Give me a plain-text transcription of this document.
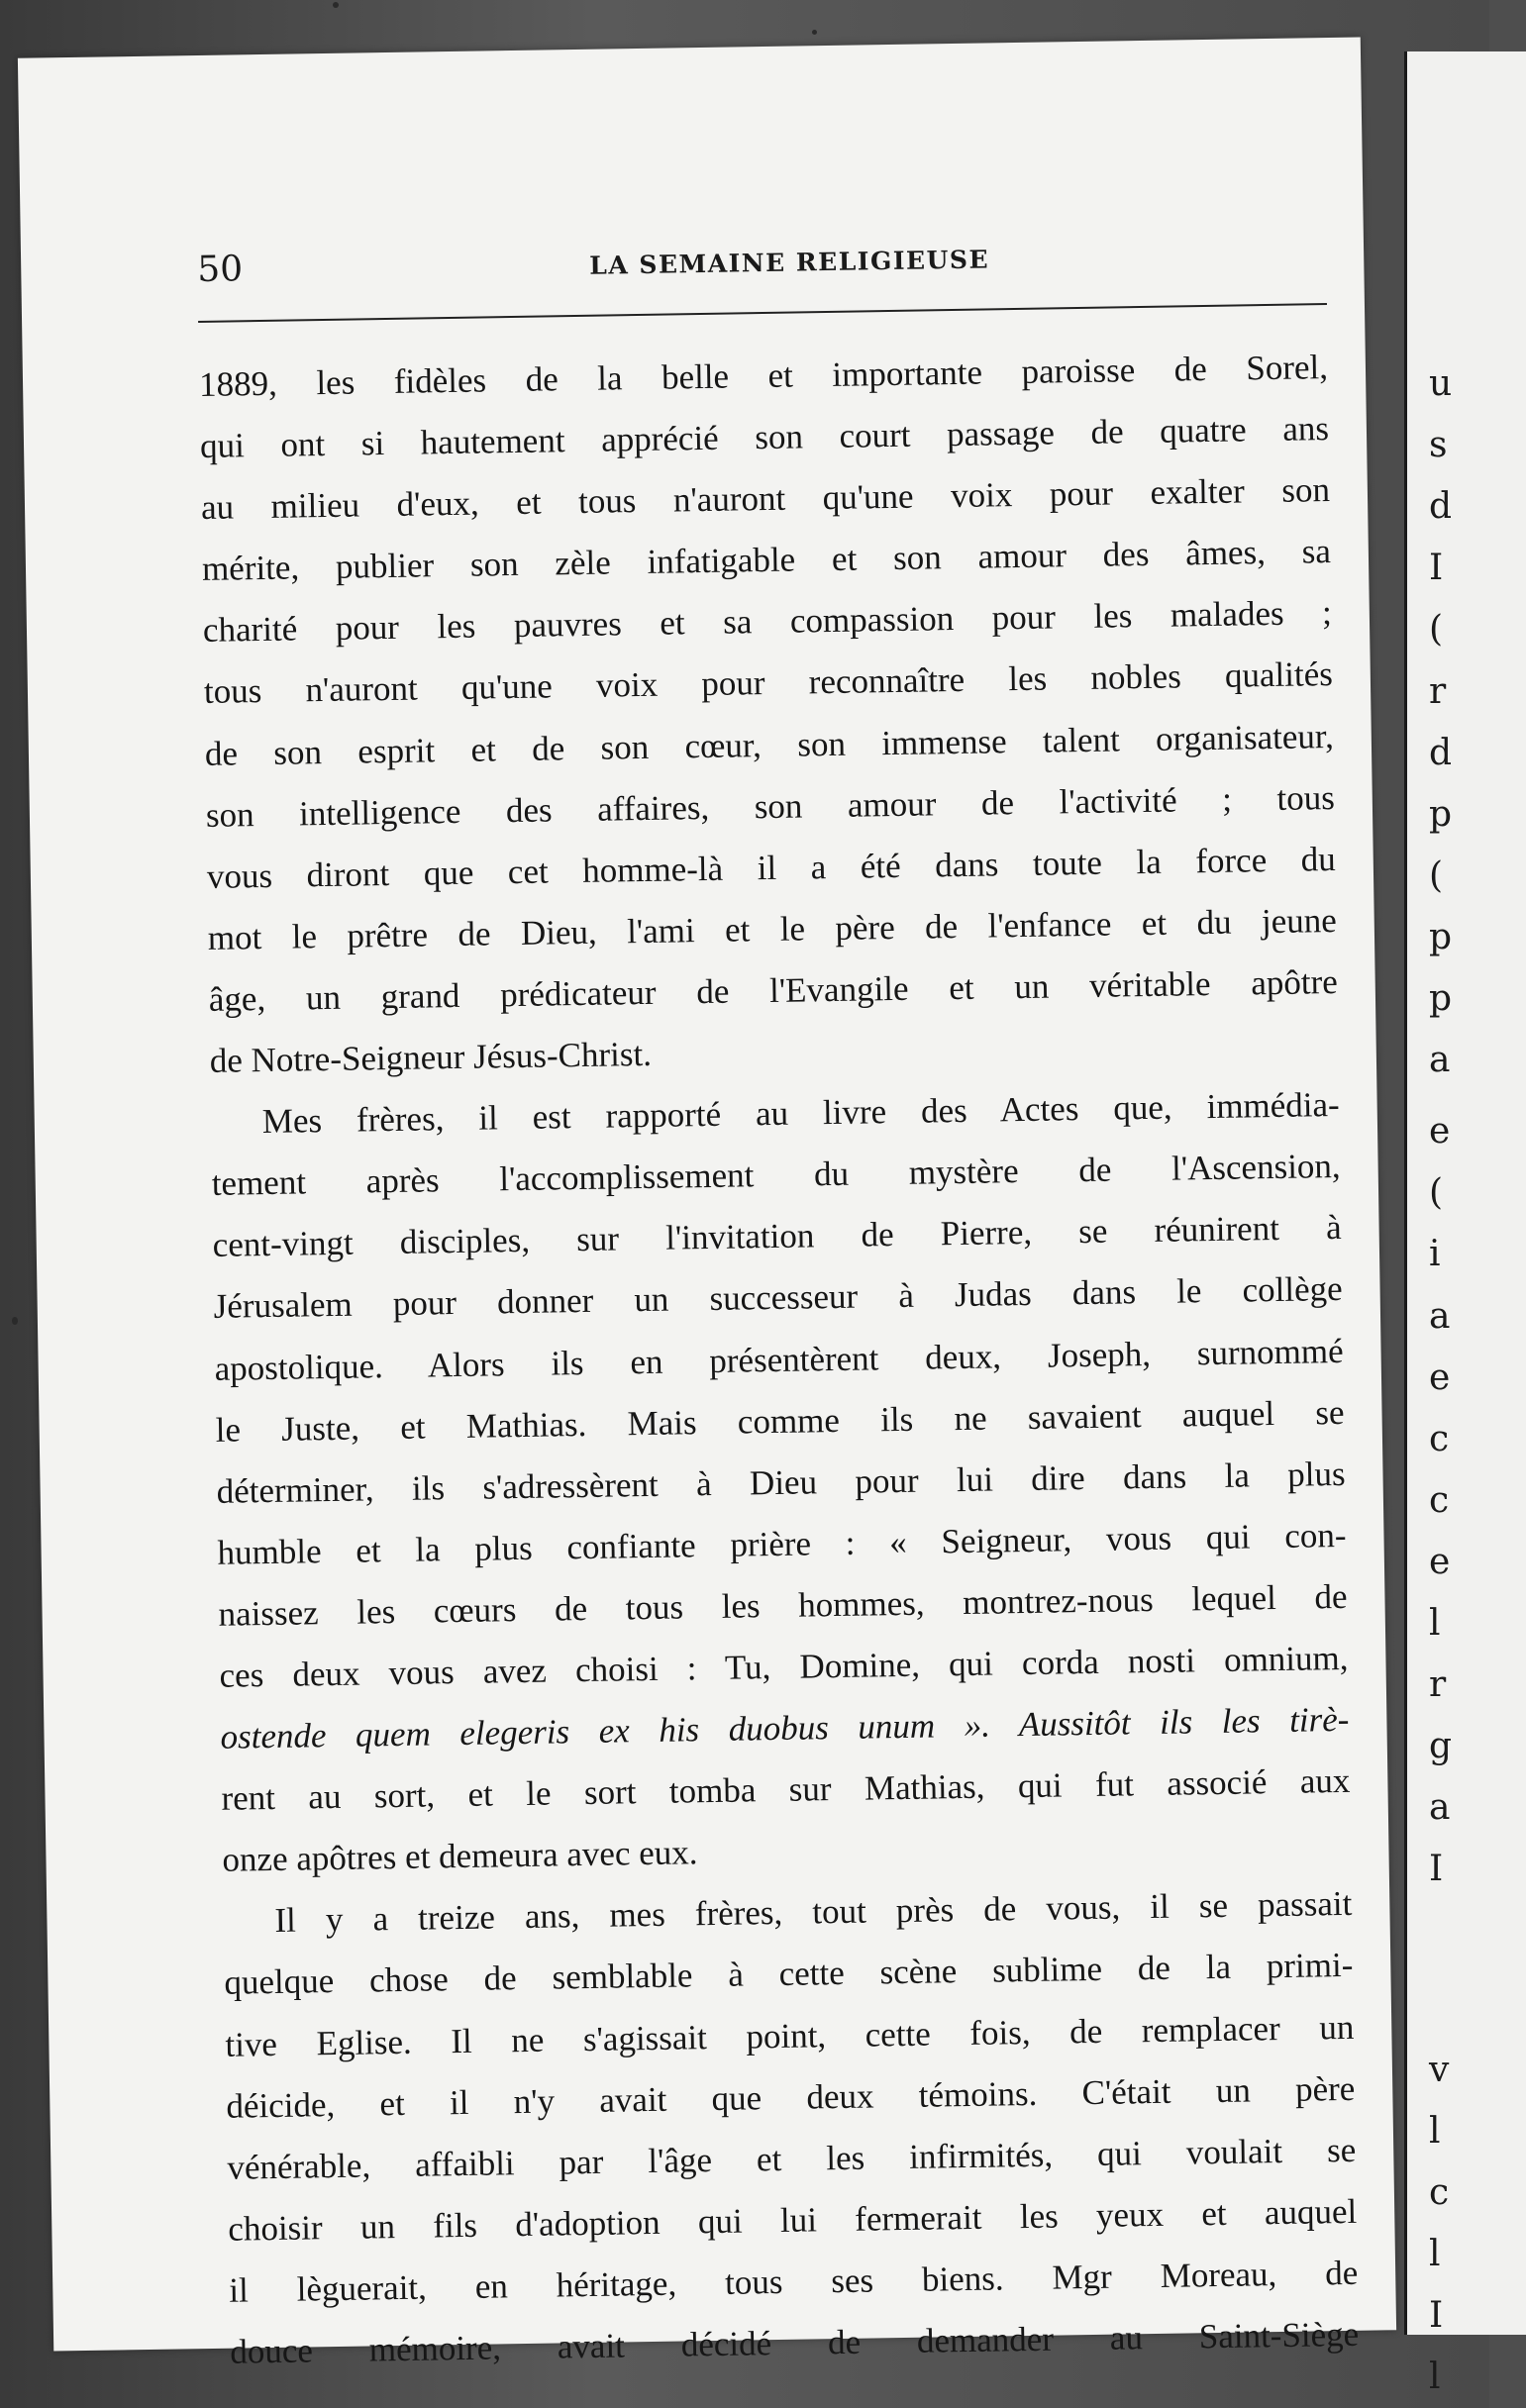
u
s
d
I
(
r
d
p
(
p
p
a
e
(
i
a
e
c
c
e
l
r
g
a
I
v
l
c
l
I
l
50	LA SEMAINE RELIGIEUSE
1889, les fidèles de la belle et importante paroisse de Sorel,
qui ont si hautement apprécié son court passage de quatre ans
au milieu d'eux, et tous n'auront qu'une voix pour exalter son
mérite, publier son zèle infatigable et son amour des âmes, sa
charité pour les pauvres et sa compassion pour les malades ;
tous n'auront qu'une voix pour reconnaître les nobles qualités
de son esprit et de son cœur, son immense talent organisateur,
son intelligence des affaires, son amour de l'activité ; tous
vous diront que cet homme-là il a été dans toute la force du
mot le prêtre de Dieu, l'ami et le père de l'enfance et du jeune
âge, un grand prédicateur de l'Evangile et un véritable apôtre
de Notre-Seigneur Jésus-Christ.
Mes frères, il est rapporté au livre des Actes que, immédia-
tement après l'accomplissement du mystère de l'Ascension,
cent-vingt disciples, sur l'invitation de Pierre, se réunirent à
Jérusalem pour donner un successeur à Judas dans le collège
apostolique. Alors ils en présentèrent deux, Joseph, surnommé
le Juste, et Mathias. Mais comme ils ne savaient auquel se
déterminer, ils s'adressèrent à Dieu pour lui dire dans la plus
humble et la plus confiante prière : « Seigneur, vous qui con-
naissez les cœurs de tous les hommes, montrez-nous lequel de
ces deux vous avez choisi : Tu, Domine, qui corda nosti omnium,
ostende quem elegeris ex his duobus unum ». Aussitôt ils les tirè-
rent au sort, et le sort tomba sur Mathias, qui fut associé aux
onze apôtres et demeura avec eux.
Il y a treize ans, mes frères, tout près de vous, il se passait
quelque chose de semblable à cette scène sublime de la primi-
tive Eglise. Il ne s'agissait point, cette fois, de remplacer un
déicide, et il n'y avait que deux témoins. C'était un père
vénérable, affaibli par l'âge et les infirmités, qui voulait se
choisir un fils d'adoption qui lui fermerait les yeux et auquel
il lèguerait, en héritage, tous ses biens. Mgr Moreau, de
douce mémoire, avait décidé de demander au Saint-Siège
